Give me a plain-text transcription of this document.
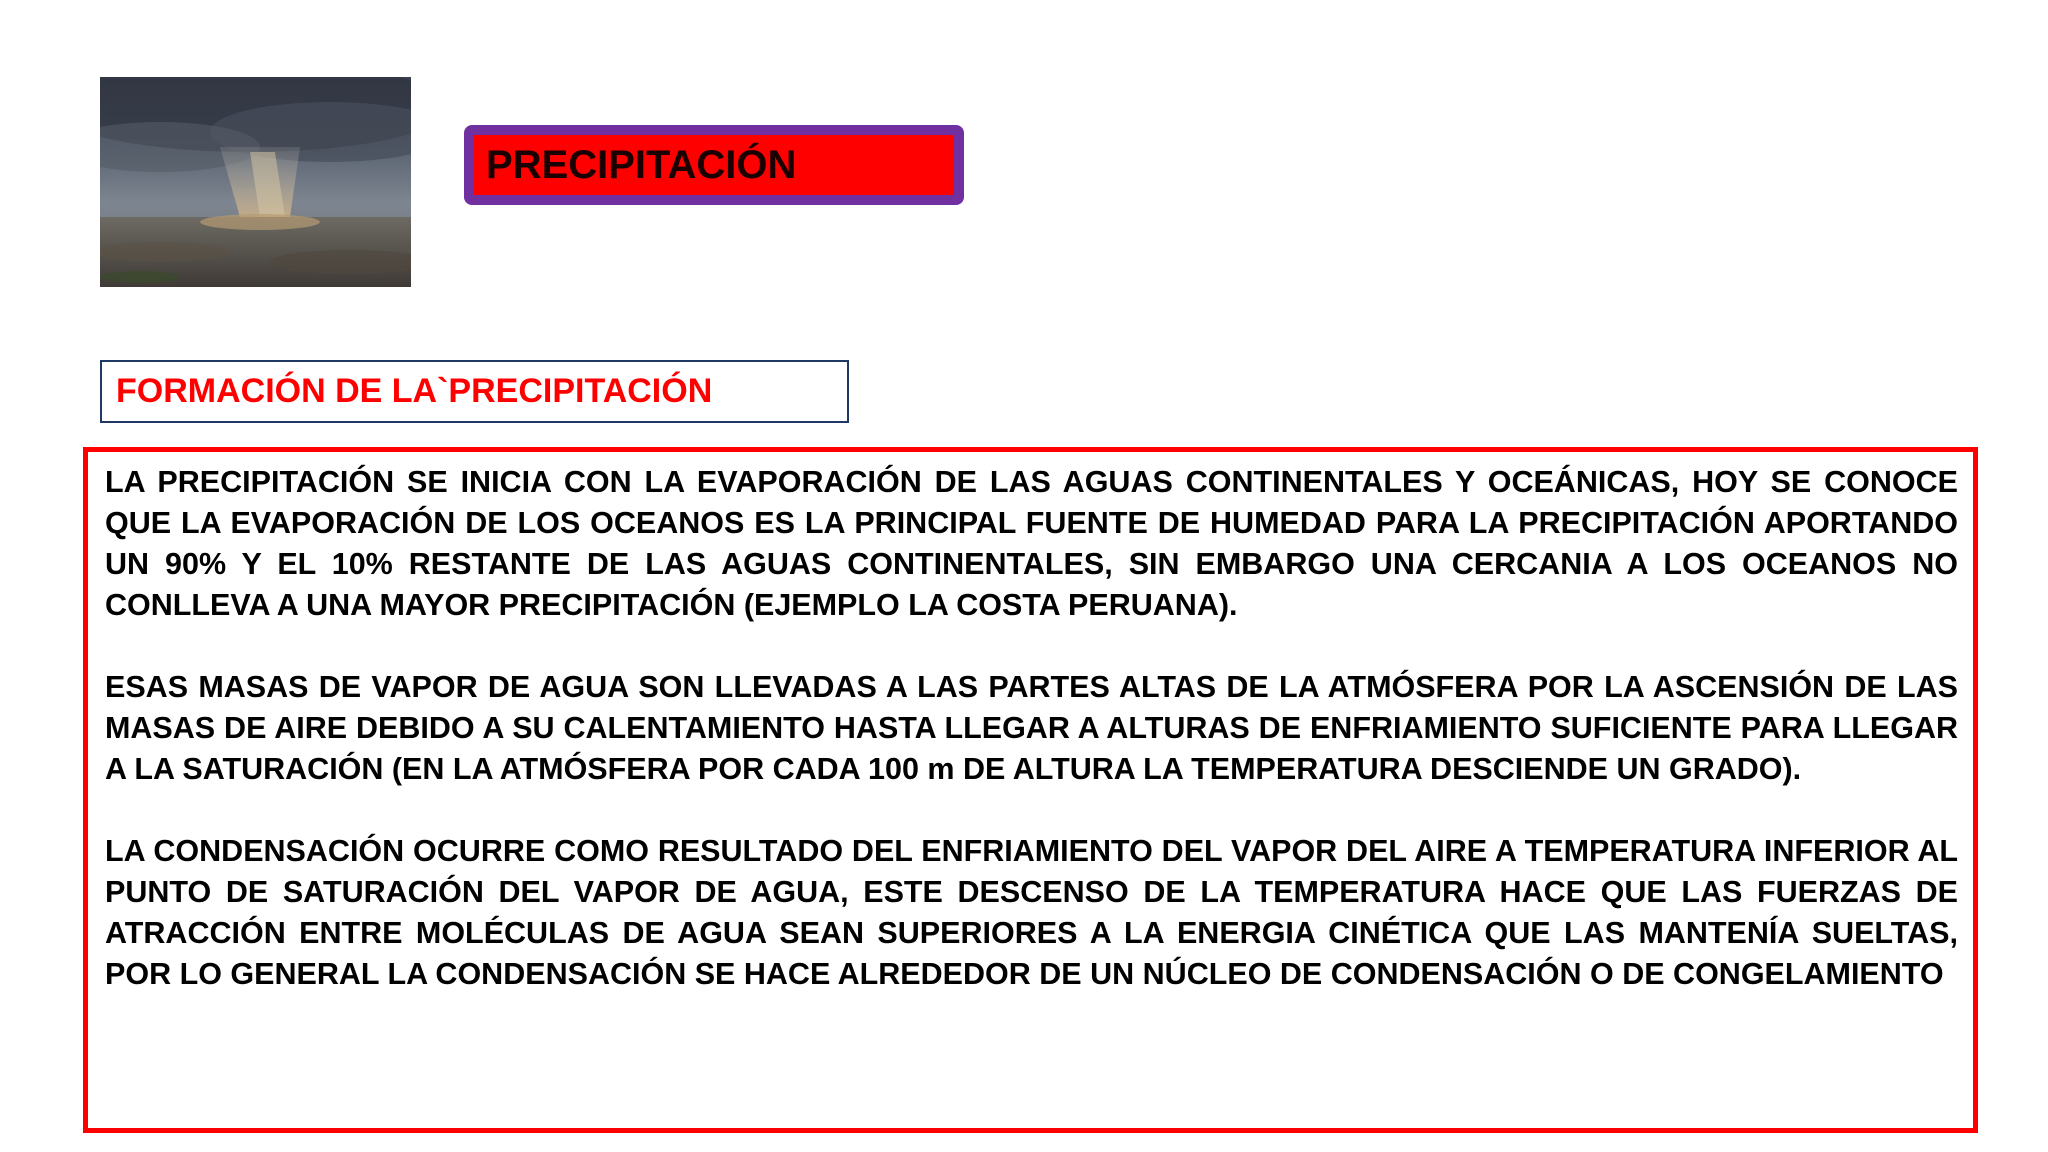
PRECIPITACIÓN
FORMACIÓN DE LA`PRECIPITACIÓN

LA PRECIPITACIÓN SE INICIA CON LA EVAPORACIÓN DE LAS AGUAS CONTINENTALES Y OCEÁNICAS, HOY SE CONOCE QUE LA EVAPORACIÓN DE LOS OCEANOS ES LA PRINCIPAL FUENTE DE HUMEDAD PARA LA PRECIPITACIÓN APORTANDO UN 90% Y EL 10% RESTANTE DE LAS AGUAS CONTINENTALES, SIN EMBARGO UNA CERCANIA A LOS OCEANOS NO CONLLEVA A UNA MAYOR PRECIPITACIÓN (EJEMPLO LA COSTA PERUANA).

ESAS MASAS DE VAPOR DE AGUA SON LLEVADAS A LAS PARTES ALTAS DE LA ATMÓSFERA POR LA ASCENSIÓN DE LAS MASAS DE AIRE DEBIDO A SU CALENTAMIENTO HASTA LLEGAR A ALTURAS DE ENFRIAMIENTO SUFICIENTE PARA LLEGAR A LA SATURACIÓN (EN LA ATMÓSFERA POR CADA 100 m DE ALTURA LA TEMPERATURA DESCIENDE UN GRADO).

LA CONDENSACIÓN OCURRE COMO RESULTADO DEL ENFRIAMIENTO DEL VAPOR DEL AIRE A TEMPERATURA INFERIOR AL PUNTO DE SATURACIÓN DEL VAPOR DE AGUA, ESTE DESCENSO DE LA TEMPERATURA HACE QUE LAS FUERZAS DE ATRACCIÓN ENTRE MOLÉCULAS DE AGUA SEAN SUPERIORES A LA ENERGIA CINÉTICA QUE LAS MANTENÍA SUELTAS, POR LO GENERAL LA CONDENSACIÓN SE HACE ALREDEDOR DE UN NÚCLEO DE CONDENSACIÓN O DE CONGELAMIENTO
